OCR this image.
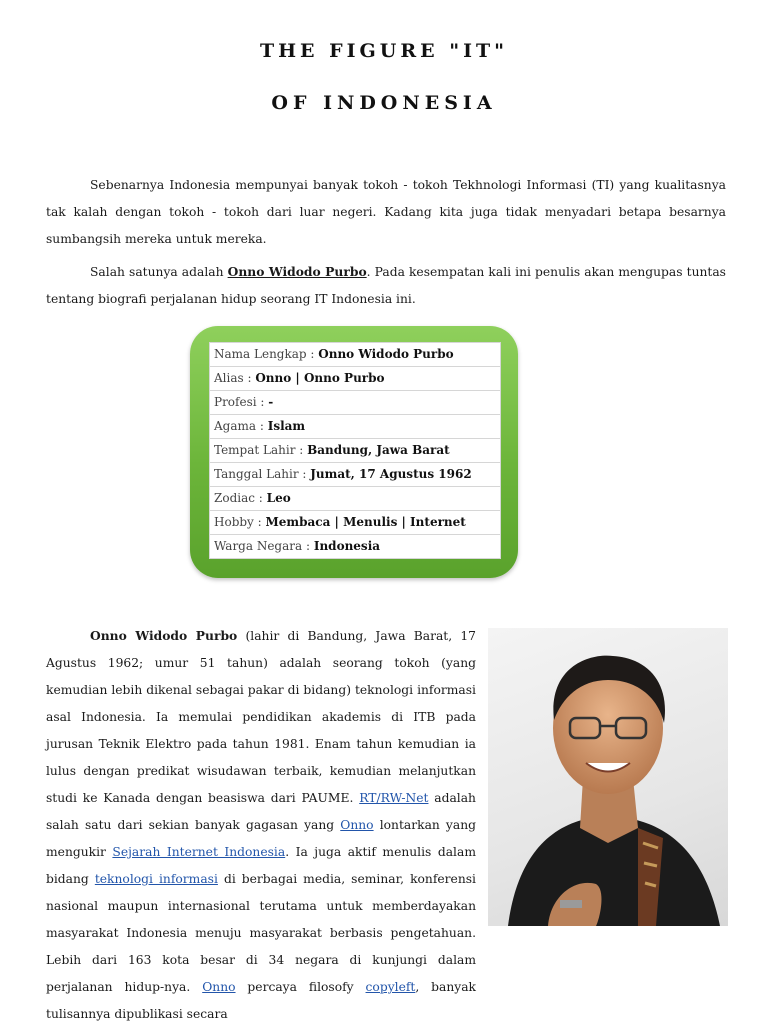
THE FIGURE "IT"
OF INDONESIA
Sebenarnya Indonesia mempunyai banyak tokoh - tokoh Tekhnologi Informasi (TI) yang kualitasnya tak kalah dengan tokoh - tokoh dari luar negeri. Kadang kita juga tidak menyadari betapa besarnya sumbangsih mereka untuk mereka.
Salah satunya adalah Onno Widodo Purbo. Pada kesempatan kali ini penulis akan mengupas tuntas tentang biografi perjalanan hidup seorang IT Indonesia ini.
Nama Lengkap : Onno Widodo Purbo
Alias : Onno | Onno Purbo
Profesi : -
Agama : Islam
Tempat Lahir : Bandung, Jawa Barat
Tanggal Lahir : Jumat, 17 Agustus 1962
Zodiac : Leo
Hobby : Membaca | Menulis | Internet
Warga Negara : Indonesia
Onno Widodo Purbo (lahir di Bandung, Jawa Barat, 17 Agustus 1962; umur 51 tahun) adalah seorang tokoh (yang kemudian lebih dikenal sebagai pakar di bidang) teknologi informasi asal Indonesia. Ia memulai pendidikan akademis di ITB pada jurusan Teknik Elektro pada tahun 1981. Enam tahun kemudian ia lulus dengan predikat wisudawan terbaik, kemudian melanjutkan studi ke Kanada dengan beasiswa dari PAUME. RT/RW-Net adalah salah satu dari sekian banyak gagasan yang Onno lontarkan yang mengukir Sejarah Internet Indonesia. Ia juga aktif menulis dalam bidang teknologi informasi di berbagai media, seminar, konferensi nasional maupun internasional terutama untuk memberdayakan masyarakat Indonesia menuju masyarakat berbasis pengetahuan. Lebih dari 163 kota besar di 34 negara di kunjungi dalam perjalanan hidup-nya. Onno percaya filosofy copyleft, banyak tulisannya dipublikasi secara
